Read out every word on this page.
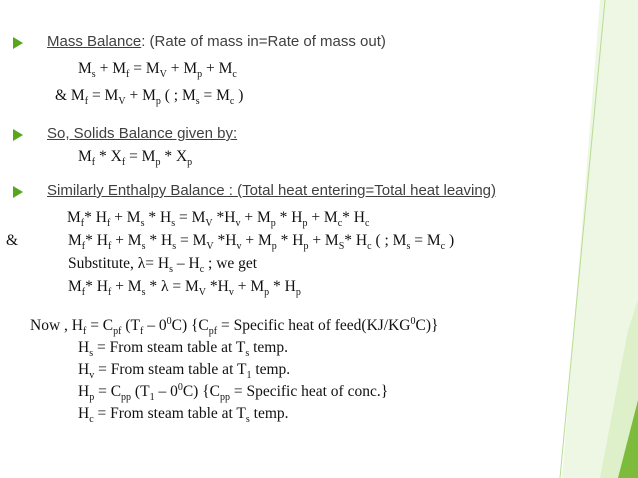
Mass Balance: (Rate of mass in=Rate of mass out)
$M_s + M_f = M_V + M_p + M_c$
& $M_f = M_V + M_p$ ( ; $M_s = M_c$ )
So, Solids Balance given by:
$M_f * X_f = M_p * X_p$
Similarly Enthalpy Balance : (Total heat entering=Total heat leaving)
$M_f*$ $H_f + M_s * H_s = M_V$ $*H_v + M_p * H_p + M_c*$ $H_c$
&	$M_f*$ $H_f + M_s * H_s = M_V$ $*H_v + M_p * H_p + M_S*$ $H_c$ ( ; $M_s = M_c$ )
Substitute, $\lambda= H_s - H_c$ ; we get
$M_f*$ $H_f + M_s * \lambda = M_V$ $*H_v + M_p * H_p$
Now , $H_f = C_{pf}$ $(T_f - 0^0C) \{C_{pf}$ = Specific heat of $feed(KJ/KG^0C)$}
$H_s$ = From steam table at $T_s$ temp.
$H_v$ = From steam table at $T_1$ temp.
$H_p = C_{pp}$ $(T_1 - 0^0C) \{C_{pp}$ = Specific heat of conc.}
$H_c$ = From steam table at $T_s$ temp.
